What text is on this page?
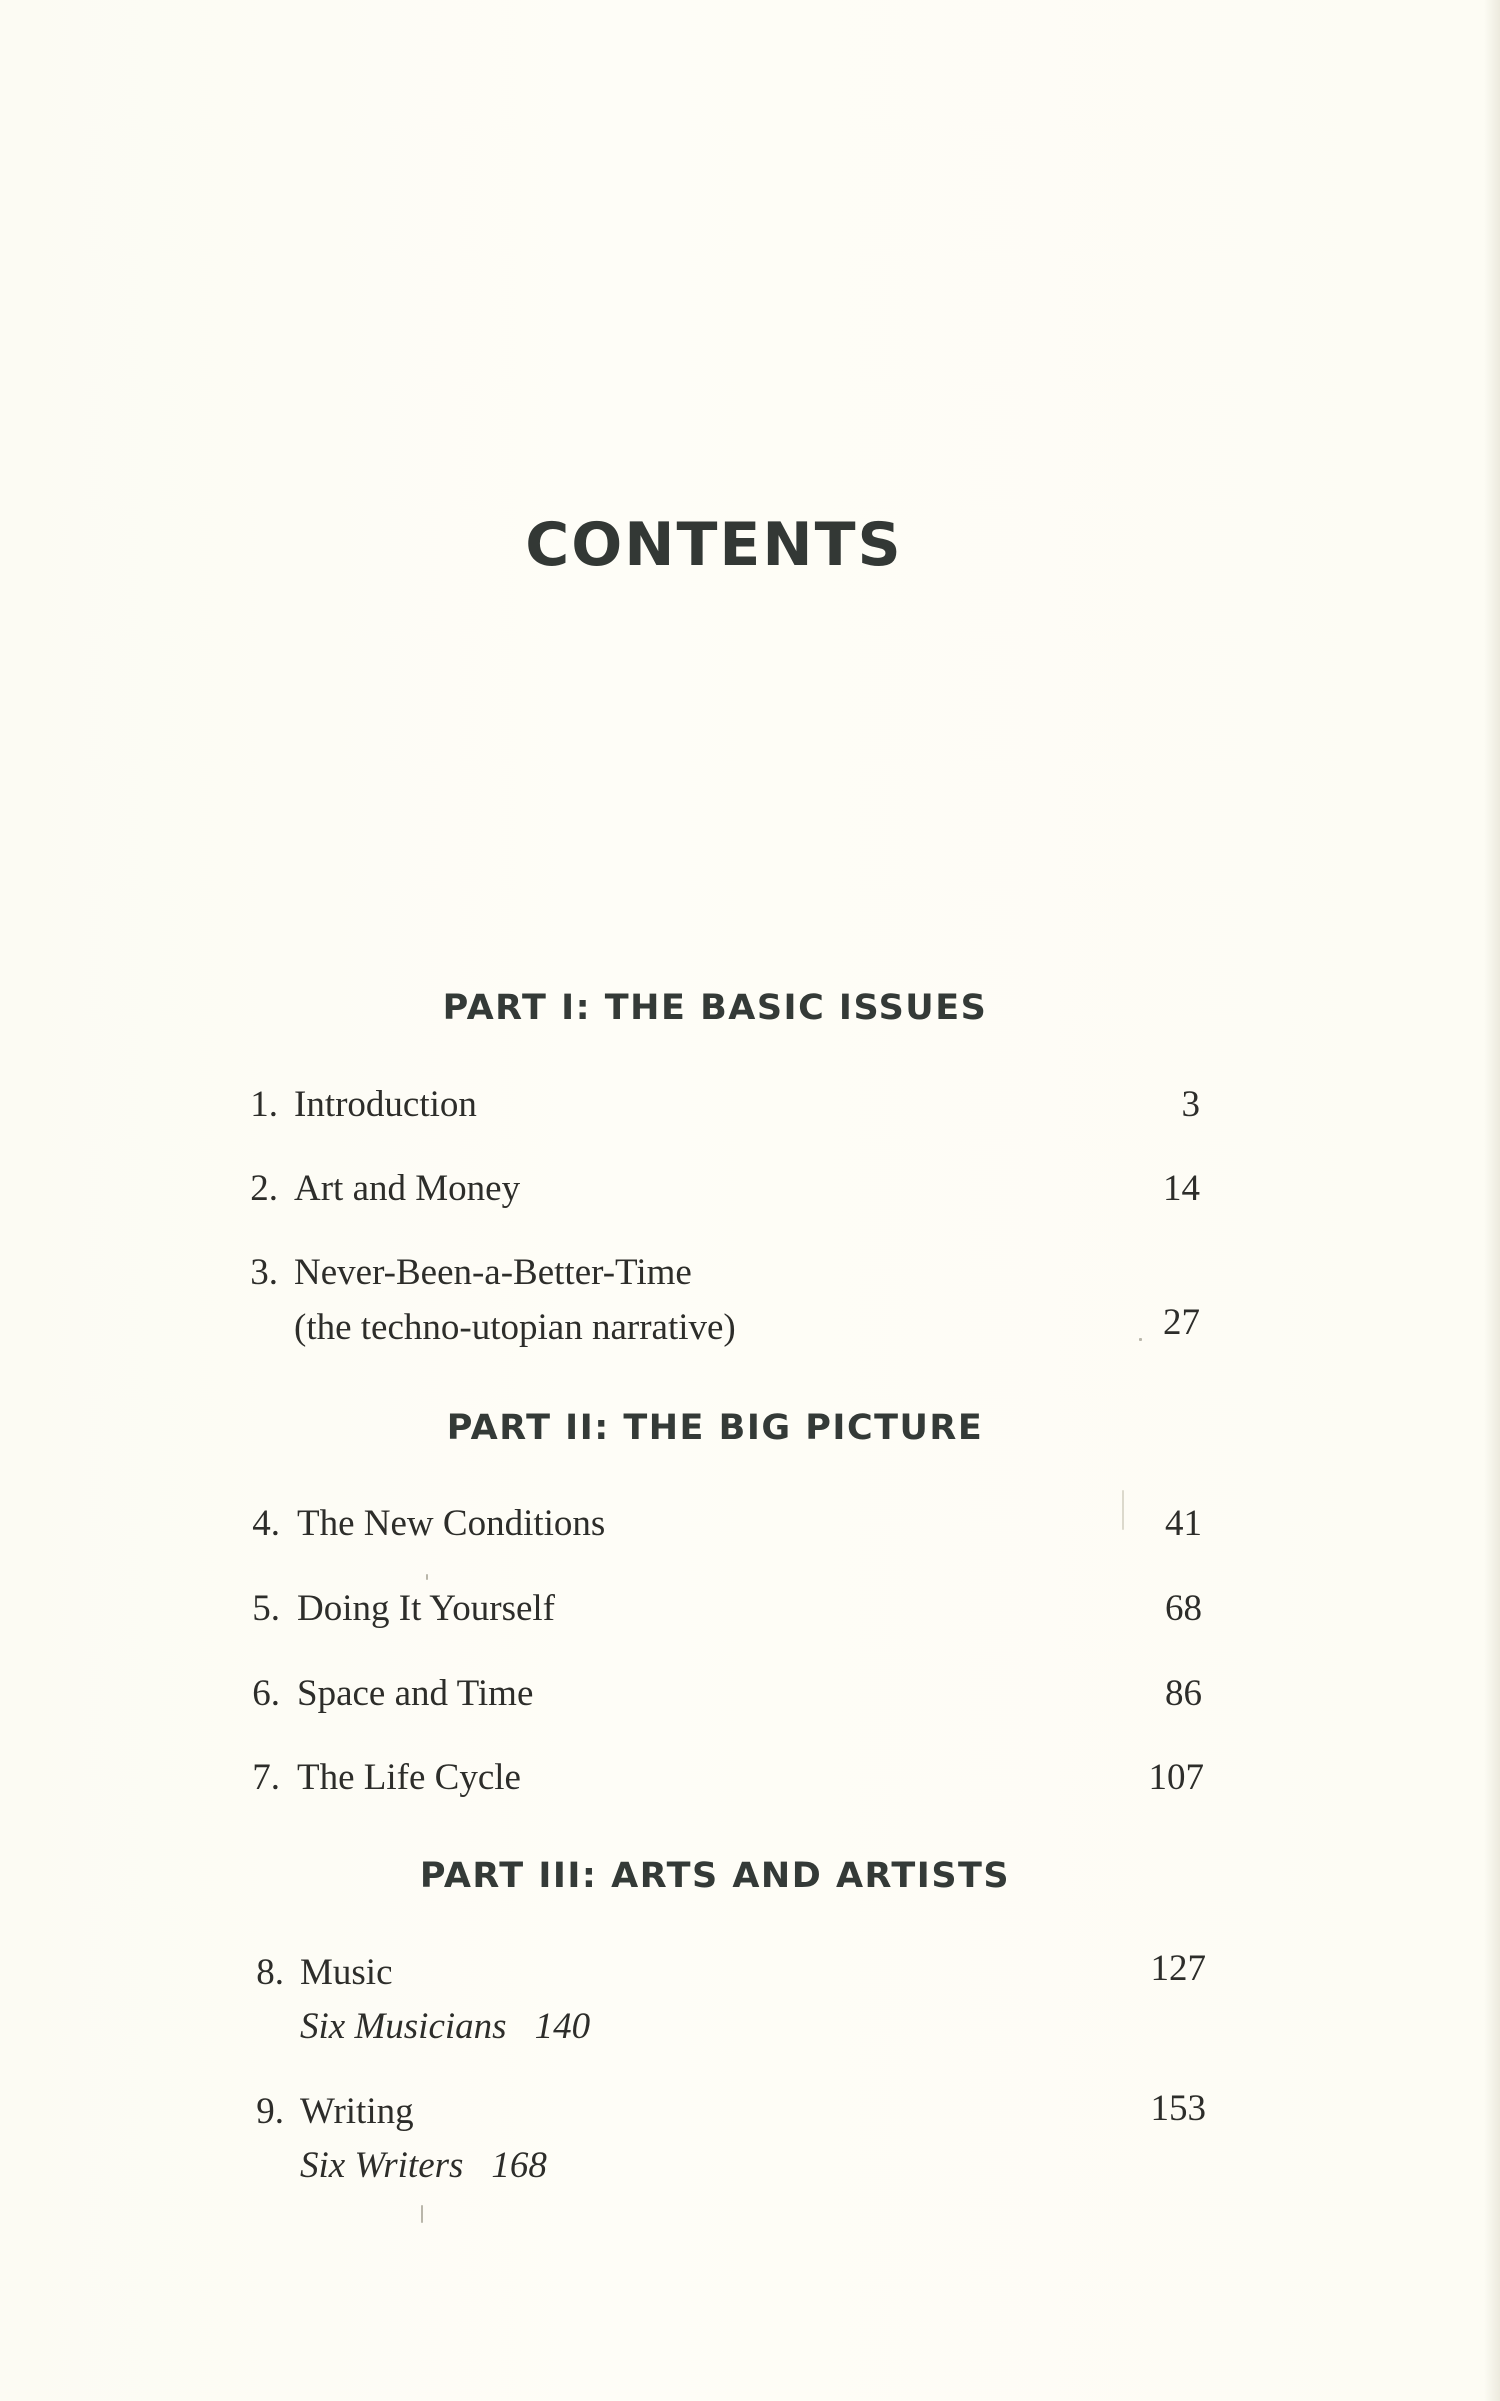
CONTENTS
PART I: THE BASIC ISSUES
1. Introduction	3
2. Art and Money	14
3. Never-Been-a-Better-Time
(the techno-utopian narrative)	27
PART II: THE BIG PICTURE
4. The New Conditions	41
5. Doing It Yourself	68
6. Space and Time	86
7. The Life Cycle	107
PART III: ARTS AND ARTISTS
8. Music	127
Six Musicians 140
9. Writing	153
Six Writers 168
